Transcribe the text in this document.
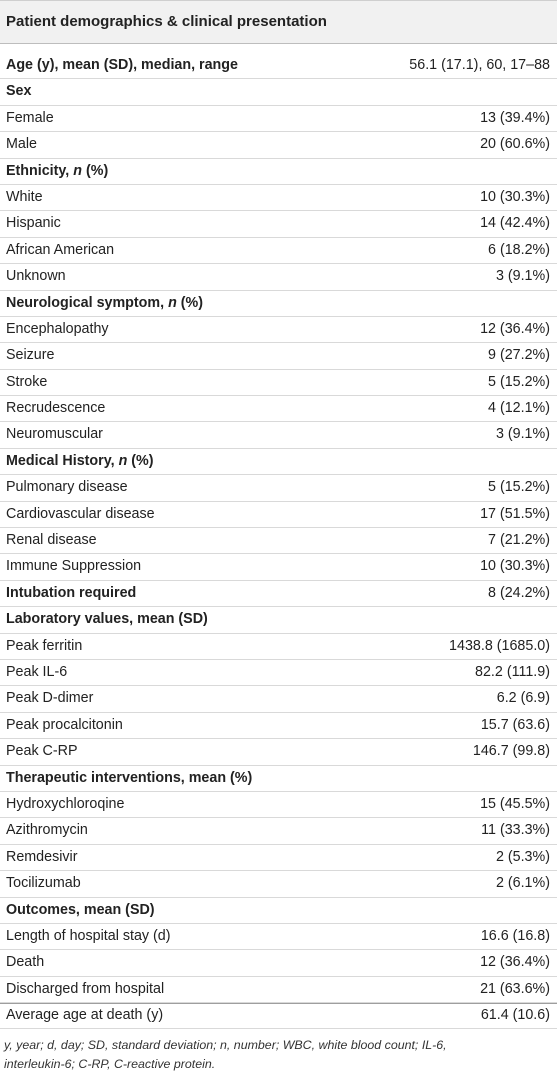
Patient demographics & clinical presentation
Age (y), mean (SD), median, range	56.1 (17.1), 60, 17–88
Sex
Female	13 (39.4%)
Male	20 (60.6%)
Ethnicity, n (%)
White	10 (30.3%)
Hispanic	14 (42.4%)
African American	6 (18.2%)
Unknown	3 (9.1%)
Neurological symptom, n (%)
Encephalopathy	12 (36.4%)
Seizure	9 (27.2%)
Stroke	5 (15.2%)
Recrudescence	4 (12.1%)
Neuromuscular	3 (9.1%)
Medical History, n (%)
Pulmonary disease	5 (15.2%)
Cardiovascular disease	17 (51.5%)
Renal disease	7 (21.2%)
Immune Suppression	10 (30.3%)
Intubation required	8 (24.2%)
Laboratory values, mean (SD)
Peak ferritin	1438.8 (1685.0)
Peak IL-6	82.2 (111.9)
Peak D-dimer	6.2 (6.9)
Peak procalcitonin	15.7 (63.6)
Peak C-RP	146.7 (99.8)
Therapeutic interventions, mean (%)
Hydroxychloroqine	15 (45.5%)
Azithromycin	11 (33.3%)
Remdesivir	2 (5.3%)
Tocilizumab	2 (6.1%)
Outcomes, mean (SD)
Length of hospital stay (d)	16.6 (16.8)
Death	12 (36.4%)
Discharged from hospital	21 (63.6%)
Average age at death (y)	61.4 (10.6)
y, year; d, day; SD, standard deviation; n, number; WBC, white blood count; IL-6,
interleukin-6; C-RP, C-reactive protein.
